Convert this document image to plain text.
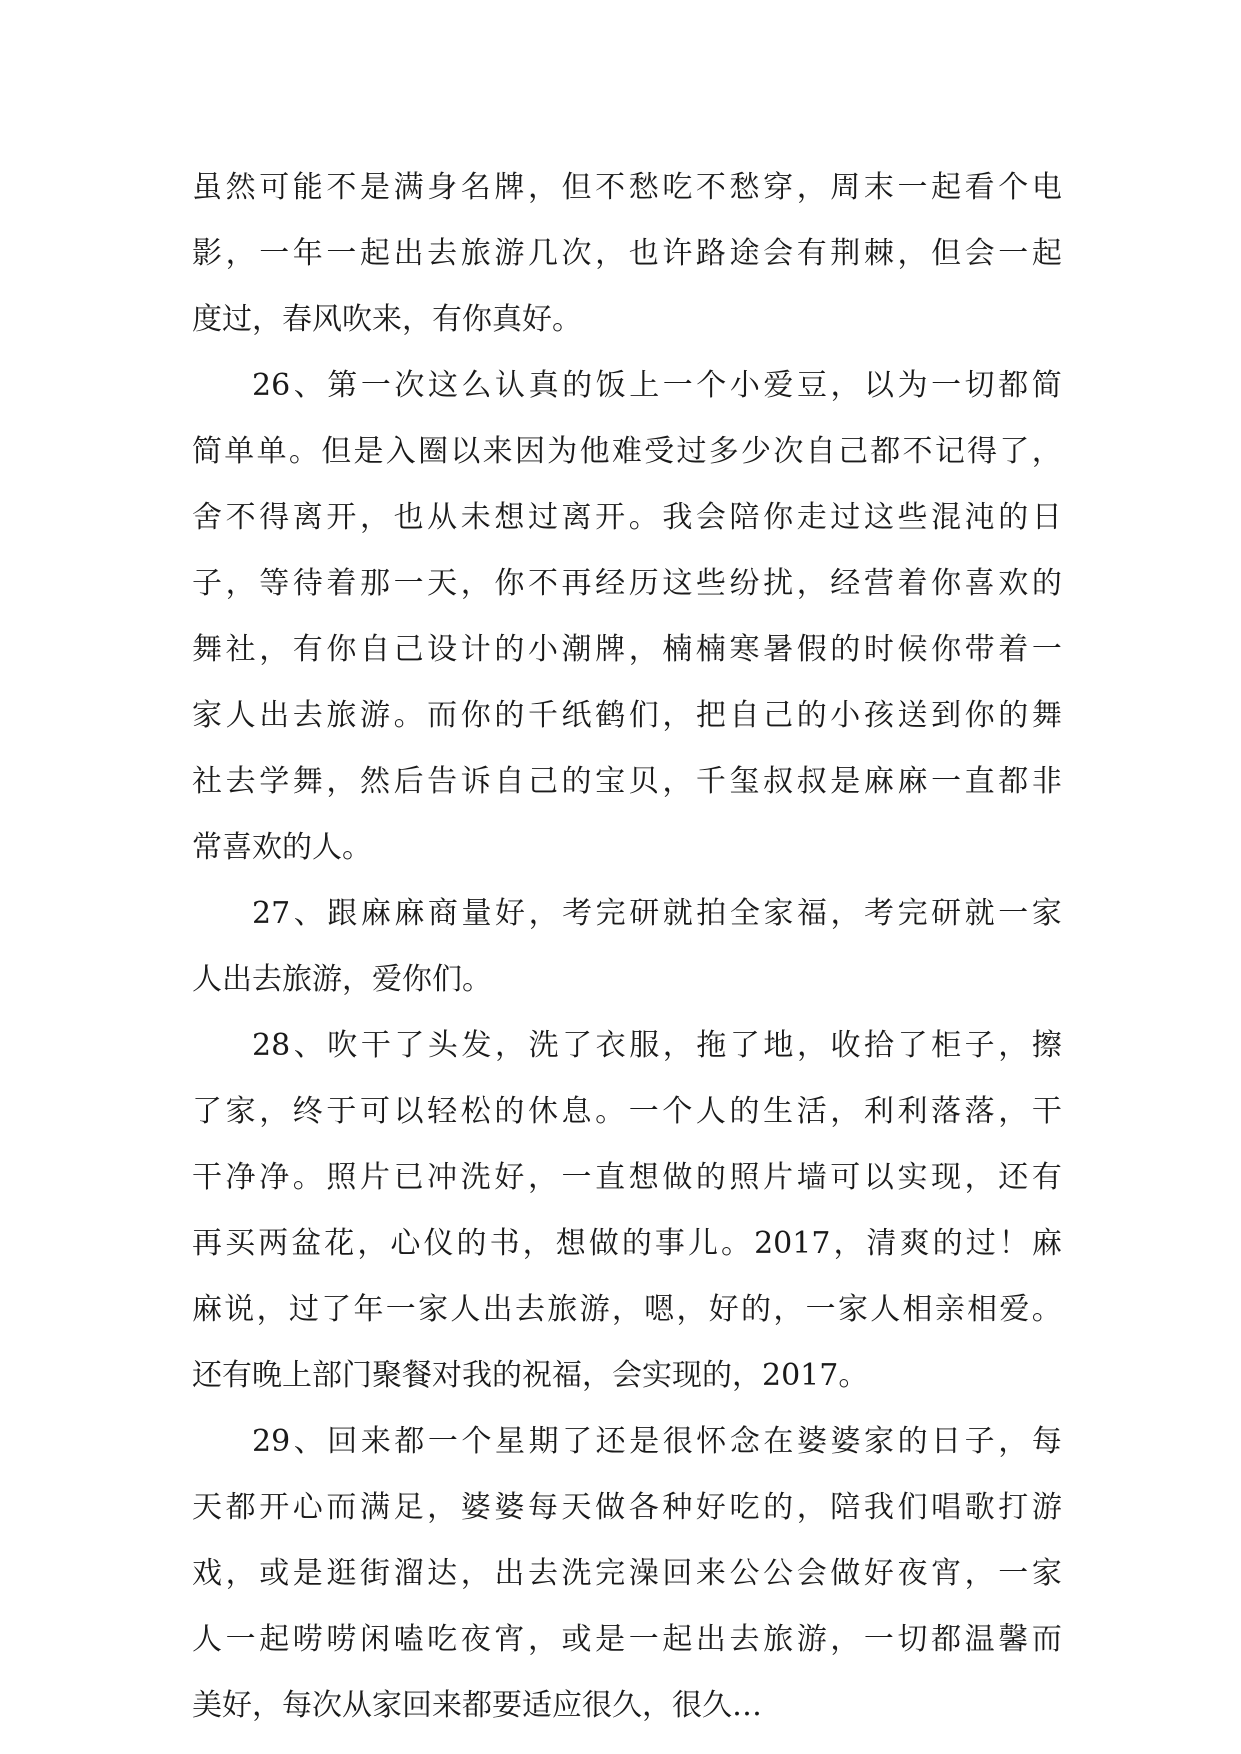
虽 然 可 能 不 是 满 身 名 牌 ， 但 不 愁 吃 不 愁 穿 ， 周 末 一 起 看 个 电
影 ， 一 年 一 起 出 去 旅 游 几 次 ， 也 许 路 途 会 有 荆 棘 ， 但 会 一 起
度过，春风吹来，有你真好。
26 、 第 一 次 这 么 认 真 的 饭 上 一 个 小 爱 豆 ， 以 为 一 切 都 简
简 单 单 。 但 是 入 圈 以 来 因 为 他 难 受 过 多 少 次 自 己 都 不 记 得 了 ，
舍 不 得 离 开 ， 也 从 未 想 过 离 开 。 我 会 陪 你 走 过 这 些 混 沌 的 日
子 ， 等 待 着 那 一 天 ， 你 不 再 经 历 这 些 纷 扰 ， 经 营 着 你 喜 欢 的
舞 社 ， 有 你 自 己 设 计 的 小 潮 牌 ， 楠 楠 寒 暑 假 的 时 候 你 带 着 一
家 人 出 去 旅 游 。 而 你 的 千 纸 鹤 们 ， 把 自 己 的 小 孩 送 到 你 的 舞
社 去 学 舞 ， 然 后 告 诉 自 己 的 宝 贝 ， 千 玺 叔 叔 是 麻 麻 一 直 都 非
常喜欢的人。
27 、 跟 麻 麻 商 量 好 ， 考 完 研 就 拍 全 家 福 ， 考 完 研 就 一 家
人出去旅游，爱你们。
28 、 吹 干 了 头 发 ， 洗 了 衣 服 ， 拖 了 地 ， 收 拾 了 柜 子 ， 擦
了 家 ， 终 于 可 以 轻 松 的 休 息 。 一 个 人 的 生 活 ， 利 利 落 落 ， 干
干 净 净 。 照 片 已 冲 洗 好 ， 一 直 想 做 的 照 片 墙 可 以 实 现 ， 还 有
再 买 两 盆 花 ， 心 仪 的 书 ， 想 做 的 事 儿 。 2017 ， 清 爽 的 过 ！ 麻
麻 说 ， 过 了 年 一 家 人 出 去 旅 游 ， 嗯 ， 好 的 ， 一 家 人 相 亲 相 爱 。
还有晚上部门聚餐对我的祝福，会实现的，2017。
29 、 回 来 都 一 个 星 期 了 还 是 很 怀 念 在 婆 婆 家 的 日 子 ， 每
天 都 开 心 而 满 足 ， 婆 婆 每 天 做 各 种 好 吃 的 ， 陪 我 们 唱 歌 打 游
戏 ， 或 是 逛 街 溜 达 ， 出 去 洗 完 澡 回 来 公 公 会 做 好 夜 宵 ， 一 家
人 一 起 唠 唠 闲 嗑 吃 夜 宵 ， 或 是 一 起 出 去 旅 游 ， 一 切 都 温 馨 而
美好，每次从家回来都要适应很久，很久…
